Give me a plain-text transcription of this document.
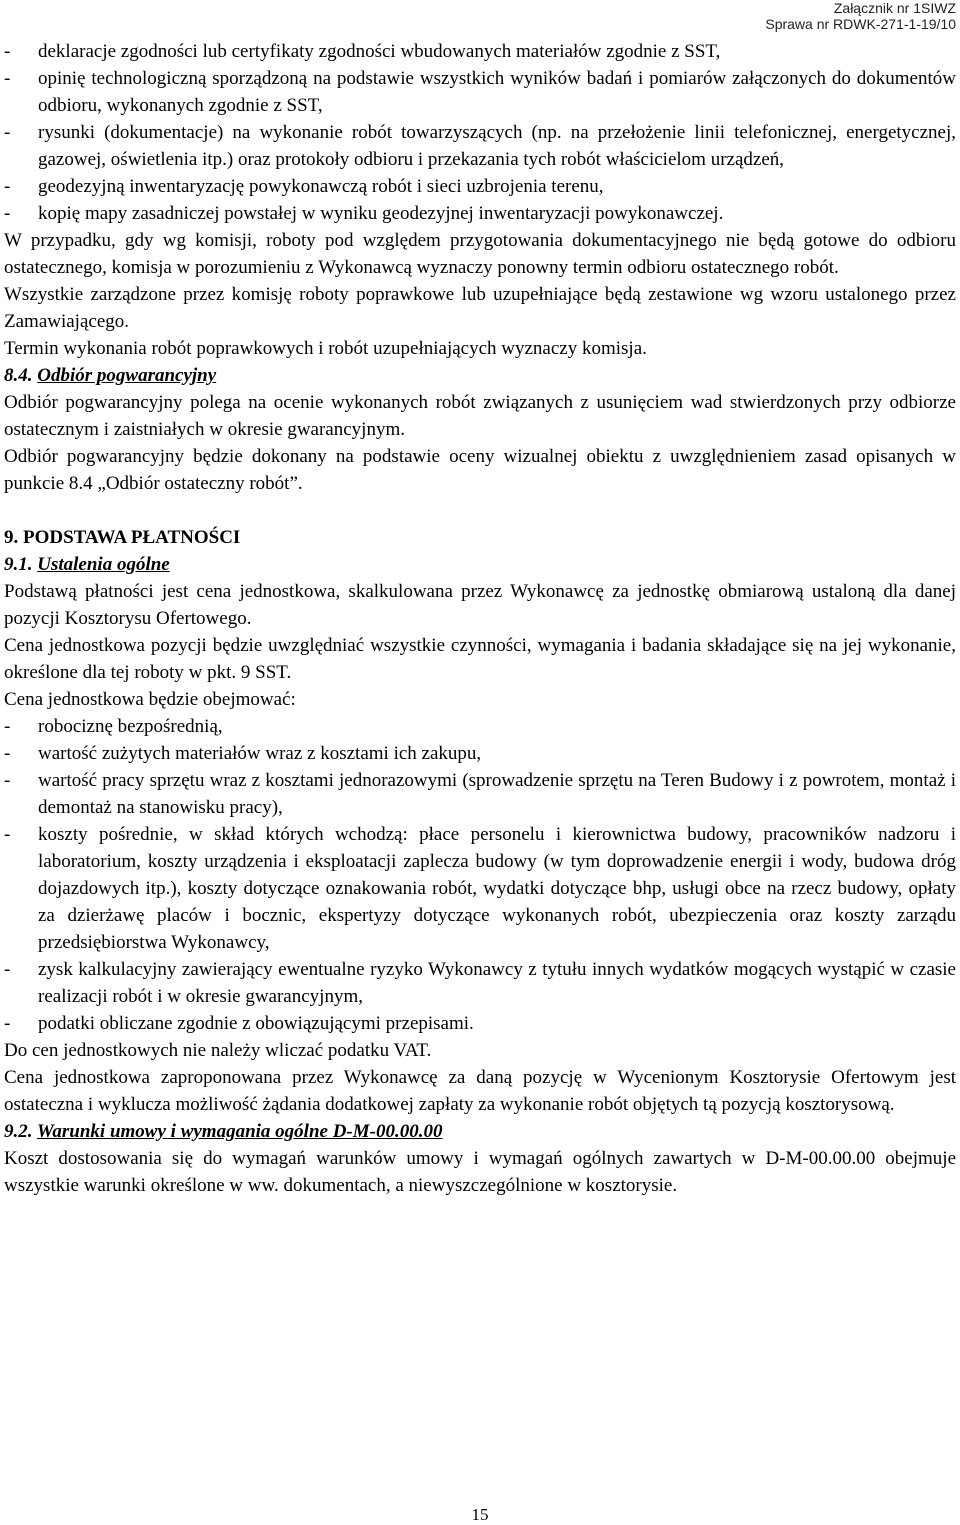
Załącznik nr 1SIWZ
Sprawa nr RDWK-271-1-19/10
-	deklaracje zgodności lub certyfikaty zgodności wbudowanych materiałów zgodnie z SST,
-	opinię technologiczną sporządzoną na podstawie wszystkich wyników badań i pomiarów załączonych do dokumentów odbioru, wykonanych zgodnie z SST,
-	rysunki (dokumentacje) na wykonanie robót towarzyszących (np. na przełożenie linii telefonicznej, energetycznej, gazowej, oświetlenia itp.) oraz protokoły odbioru i przekazania tych robót właścicielom urządzeń,
-	geodezyjną inwentaryzację powykonawczą robót i sieci uzbrojenia terenu,
-	kopię mapy zasadniczej powstałej w wyniku geodezyjnej inwentaryzacji powykonawczej.

W przypadku, gdy wg komisji, roboty pod względem przygotowania dokumentacyjnego nie będą gotowe do odbioru ostatecznego, komisja w porozumieniu z Wykonawcą wyznaczy ponowny termin odbioru ostatecznego robót.

Wszystkie zarządzone przez komisję roboty poprawkowe lub uzupełniające będą zestawione wg wzoru ustalonego przez Zamawiającego.

Termin wykonania robót poprawkowych i robót uzupełniających wyznaczy komisja.

8.4. Odbiór pogwarancyjny

Odbiór pogwarancyjny polega na ocenie wykonanych robót związanych z usunięciem wad stwierdzonych przy odbiorze ostatecznym i zaistniałych w okresie gwarancyjnym.

Odbiór pogwarancyjny będzie dokonany na podstawie oceny wizualnej obiektu z uwzględnieniem zasad opisanych w punkcie 8.4 „Odbiór ostateczny robót”.

9. PODSTAWA PŁATNOŚCI

9.1. Ustalenia ogólne

Podstawą płatności jest cena jednostkowa, skalkulowana przez Wykonawcę za jednostkę obmiarową ustaloną dla danej pozycji Kosztorysu Ofertowego.

Cena jednostkowa pozycji będzie uwzględniać wszystkie czynności, wymagania i badania składające się na jej wykonanie, określone dla tej roboty w pkt. 9 SST.

Cena jednostkowa będzie obejmować:

-	robociznę bezpośrednią,
-	wartość zużytych materiałów wraz z kosztami ich zakupu,
-	wartość pracy sprzętu wraz z kosztami jednorazowymi (sprowadzenie sprzętu na Teren Budowy i z powrotem, montaż i demontaż na stanowisku pracy),
-	koszty pośrednie, w skład których wchodzą: płace personelu i kierownictwa budowy, pracowników nadzoru i laboratorium, koszty urządzenia i eksploatacji zaplecza budowy (w tym doprowadzenie energii i wody, budowa dróg dojazdowych itp.), koszty dotyczące oznakowania robót, wydatki dotyczące bhp, usługi obce na rzecz budowy, opłaty za dzierżawę placów i bocznic, ekspertyzy dotyczące wykonanych robót, ubezpieczenia oraz koszty zarządu przedsiębiorstwa Wykonawcy,
-	zysk kalkulacyjny zawierający ewentualne ryzyko Wykonawcy z tytułu innych wydatków mogących wystąpić w czasie realizacji robót i w okresie gwarancyjnym,
-	podatki obliczane zgodnie z obowiązującymi przepisami.

Do cen jednostkowych nie należy wliczać podatku VAT.

Cena jednostkowa zaproponowana przez Wykonawcę za daną pozycję w Wycenionym Kosztorysie Ofertowym jest ostateczna i wyklucza możliwość żądania dodatkowej zapłaty za wykonanie robót objętych tą pozycją kosztorysową.

9.2. Warunki umowy i wymagania ogólne D-M-00.00.00

Koszt dostosowania się do wymagań warunków umowy i wymagań ogólnych zawartych w D-M-00.00.00 obejmuje wszystkie warunki określone w ww. dokumentach, a niewyszczególnione w kosztorysie.

15
